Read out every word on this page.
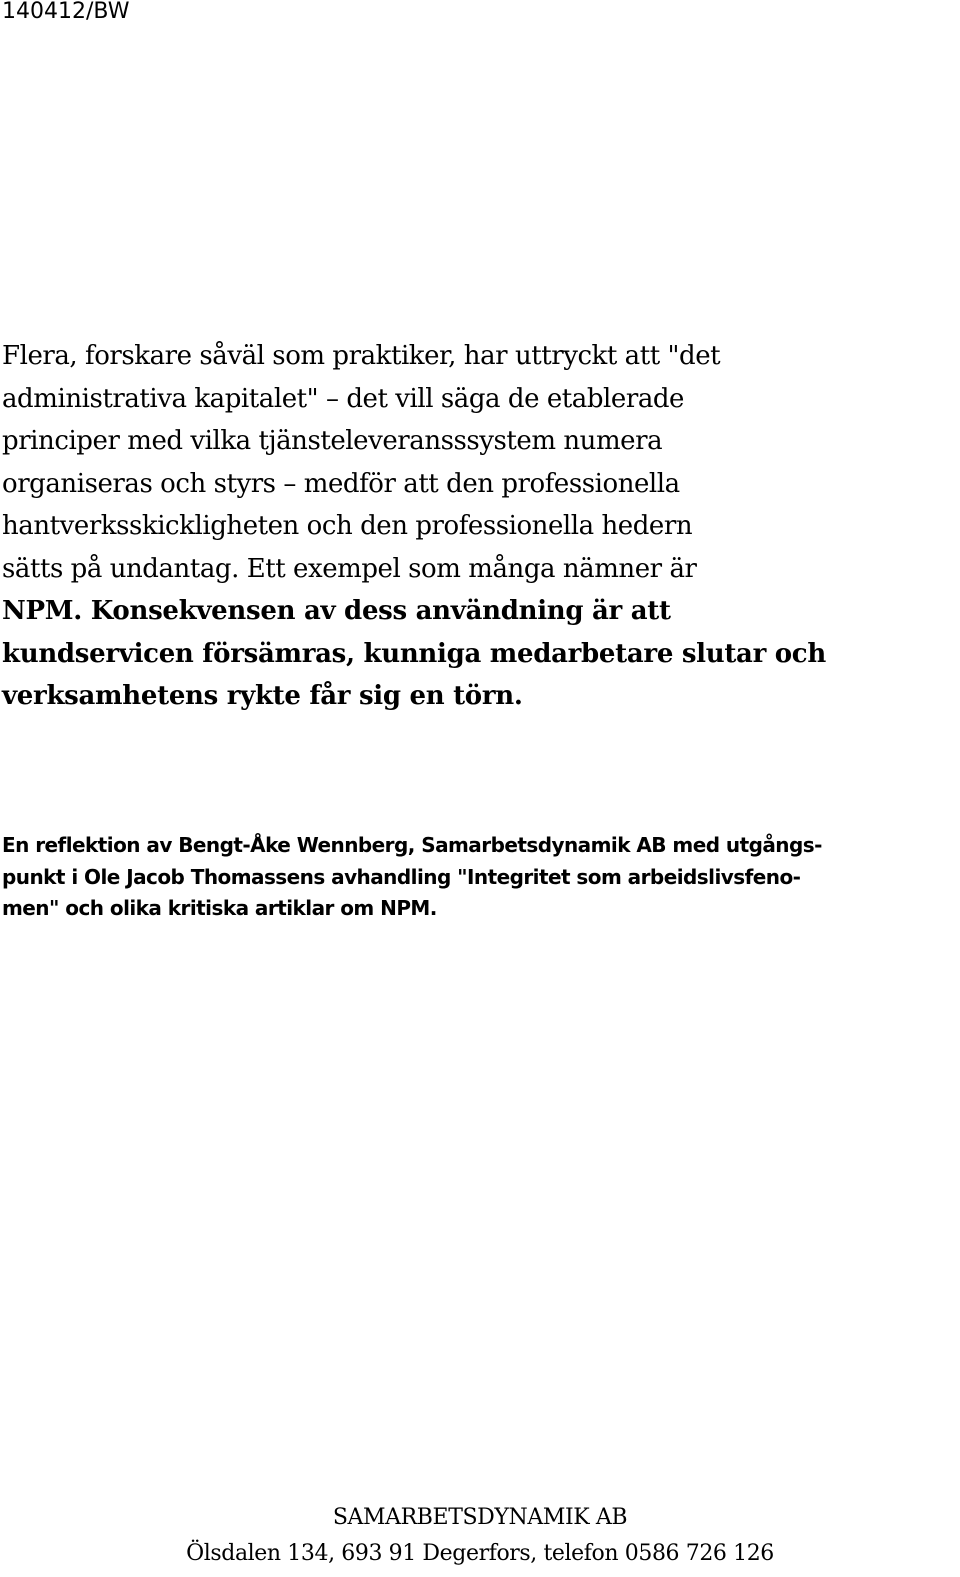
140412/BW

Flera, forskare såväl som praktiker, har uttryckt att "det
administrativa kapitalet" – det vill säga de etablerade
principer med vilka tjänsteleveransssystem numera
organiseras och styrs – medför att den professionella
hantverksskickligheten och den professionella hedern
sätts på undantag. Ett exempel som många nämner är
NPM. Konsekvensen av dess användning är att
kundservicen försämras, kunniga medarbetare slutar och
verksamhetens rykte får sig en törn.
En reflektion av Bengt-Åke Wennberg, Samarbetsdynamik AB med utgångs-
punkt i Ole Jacob Thomassens avhandling "Integritet som arbeidslivsfeno-
men" och olika kritiska artiklar om NPM.
SAMARBETSDYNAMIK AB
Ölsdalen 134, 693 91 Degerfors, telefon 0586 726 126
